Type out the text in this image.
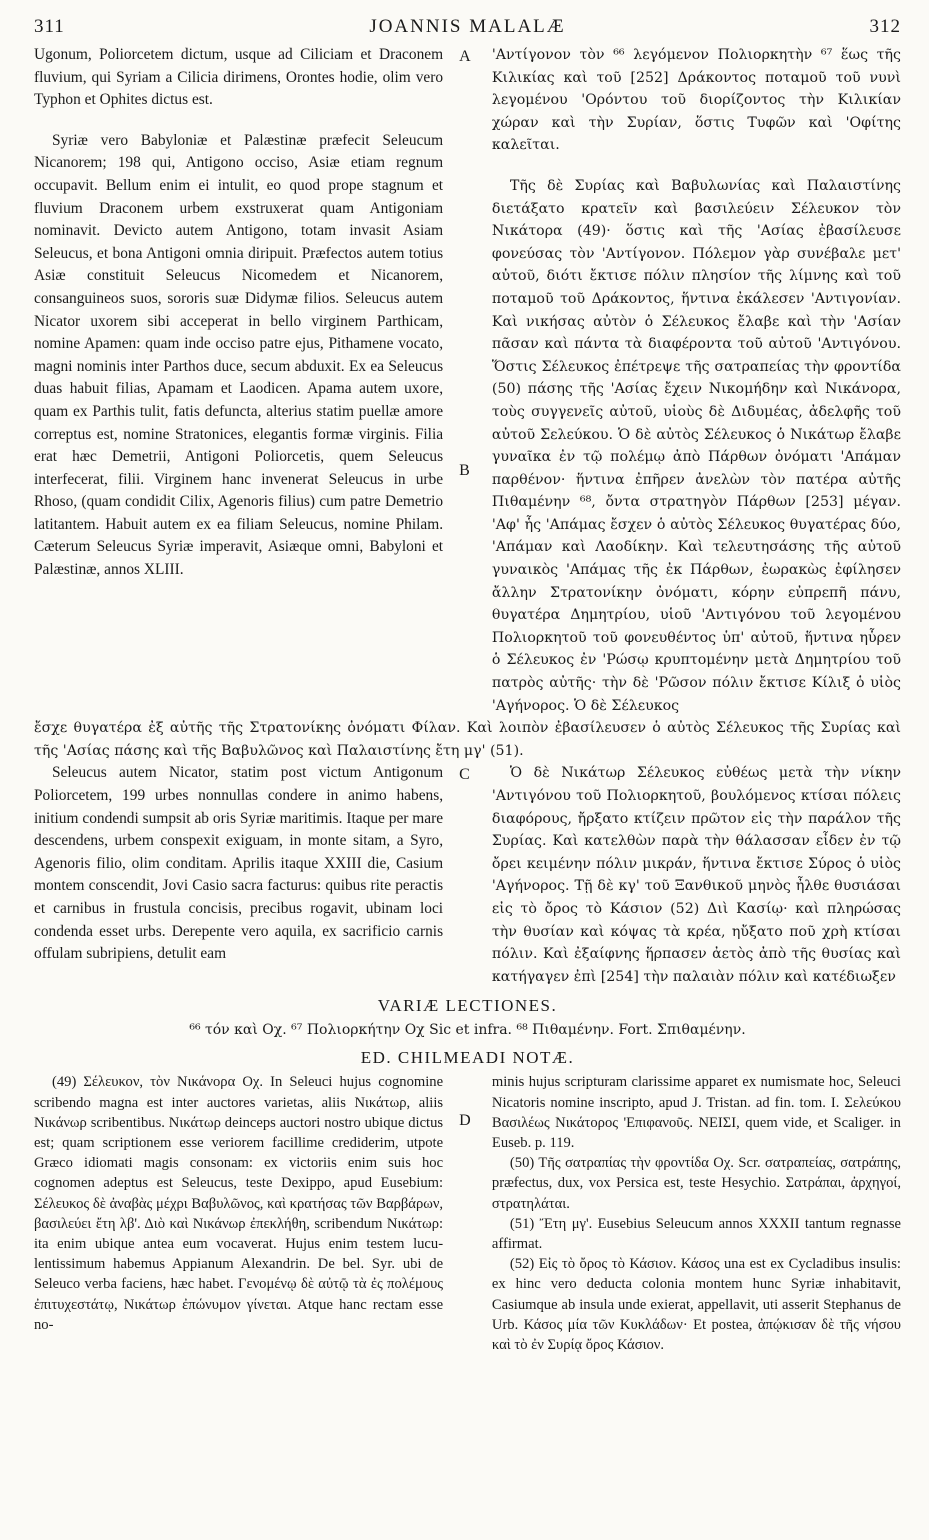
311	JOANNIS MALALÆ	312

Ugonum, Poliorcetem dictum, usque ad Ciliciam et Draconem fluvium, qui Syriam a Cilicia dirimens, Orontes hodie, olim vero Typhon et Ophites dictus est.

Syriæ vero Babyloniæ et Palæstinæ præfecit Seleucum Nicanorem; 198 qui, Antigono occiso, Asiæ etiam regnum occupavit. Bellum enim ei intulit, eo quod prope stagnum et fluvium Draconem urbem exstruxerat quam Antigoniam nominavit. Devicto autem Antigono, totam invasit Asiam Seleucus, et bona Antigoni omnia diripuit. Præfectos autem totius Asiæ constituit Seleucus Nicomedem et Nicanorem, consanguineos suos, sororis suæ Didymæ filios. Seleucus autem Nicator uxorem sibi acceperat in bello virginem Parthicam, nomine Apamen: quam inde occiso patre ejus, Pithamene vocato, magni nominis inter Parthos duce, secum abduxit. Ex ea Seleucus duas habuit filias, Apamam et Laodicen. Apama autem uxore, quam ex Parthis tulit, fatis defuncta, alterius statim puellæ amore correptus est, nomine Stratonices, elegantis formæ virginis. Filia erat hæc Demetrii, Antigoni Poliorcetis, quem Seleucus interfecerat, filii. Virginem hanc invenerat Seleucus in urbe Rhoso, (quam condidit Cilix, Agenoris filius) cum patre Demetrio latitantem. Habuit autem ex ea filiam Seleucus, nomine Philam. Cæterum Seleucus Syriæ imperavit, Asiæque omni, Babyloni et Palæstinæ, annos XLIII.

A
B

'Αντίγονον τὸν ⁶⁶ λεγόμενον Πολιορκητὴν ⁶⁷ ἕως τῆς Κιλικίας καὶ τοῦ [252] Δράκοντος ποταμοῦ τοῦ νυνὶ λεγομένου 'Ορόντου τοῦ διορίζοντος τὴν Κιλικίαν χώραν καὶ τὴν Συρίαν, ὅστις Τυφῶν καὶ 'Οφίτης καλεῖται.

Τῆς δὲ Συρίας καὶ Βαβυλωνίας καὶ Παλαιστίνης διετάξατο κρατεῖν καὶ βασιλεύειν Σέλευκον τὸν Νικάτορα (49)· ὅστις καὶ τῆς 'Ασίας ἐβασίλευσε φονεύσας τὸν 'Αντίγονον. Πόλεμον γὰρ συνέβαλε μετ' αὐτοῦ, διότι ἔκτισε πόλιν πλησίον τῆς λίμνης καὶ τοῦ ποταμοῦ τοῦ Δράκοντος, ἥντινα ἐκάλεσεν 'Αντιγονίαν. Καὶ νικήσας αὐτὸν ὁ Σέλευκος ἔλαβε καὶ τὴν 'Ασίαν πᾶσαν καὶ πάντα τὰ διαφέροντα τοῦ αὐτοῦ 'Αντιγόνου. Ὅστις Σέλευκος ἐπέτρεψε τῆς σατραπείας τὴν φροντίδα (50) πάσης τῆς 'Ασίας ἔχειν Νικομήδην καὶ Νικάνορα, τοὺς συγγενεῖς αὐτοῦ, υἱοὺς δὲ Διδυμέας, ἀδελφῆς τοῦ αὐτοῦ Σελεύκου. Ὁ δὲ αὐτὸς Σέλευκος ὁ Νικάτωρ ἔλαβε γυναῖκα ἐν τῷ πολέμῳ ἀπὸ Πάρθων ὀνόματι 'Απάμαν παρθένον· ἥντινα ἐπῆρεν ἀνελὼν τὸν πατέρα αὐτῆς Πιθαμένην ⁶⁸, ὄντα στρατηγὸν Πάρθων [253] μέγαν. 'Αφ' ἧς 'Απάμας ἔσχεν ὁ αὐτὸς Σέλευκος θυγατέρας δύο, 'Απάμαν καὶ Λαοδίκην. Καὶ τελευτησάσης τῆς αὐτοῦ γυναικὸς 'Απάμας τῆς ἐκ Πάρθων, ἐωρακὼς ἐφίλησεν ἄλλην Στρατονίκην ὀνόματι, κόρην εὐπρεπῆ πάνυ, θυγατέρα Δημητρίου, υἱοῦ 'Αντιγόνου τοῦ λεγομένου Πολιορκητοῦ τοῦ φονευθέντος ὑπ' αὐτοῦ, ἥντινα ηὗρεν ὁ Σέλευκος ἐν 'Ρώσῳ κρυπτομένην μετὰ Δημητρίου τοῦ πατρὸς αὐτῆς· τὴν δὲ 'Ρῶσον πόλιν ἔκτισε Κίλιξ ὁ υἱὸς 'Αγήνορος. Ὁ δὲ Σέλευκος

ἔσχε θυγατέρα ἐξ αὐτῆς τῆς Στρατονίκης ὀνόματι Φίλαν. Καὶ λοιπὸν ἐβασίλευσεν ὁ αὐτὸς Σέλευκος τῆς Συρίας καὶ τῆς 'Ασίας πάσης καὶ τῆς Βαβυλῶνος καὶ Παλαιστίνης ἔτη μγ' (51).

Seleucus autem Nicator, statim post victum Antigonum Poliorcetem, 199 urbes nonnullas condere in animo habens, initium condendi sumpsit ab oris Syriæ maritimis. Itaque per mare descendens, urbem conspexit exiguam, in monte sitam, a Syro, Agenoris filio, olim conditam. Aprilis itaque XXIII die, Casium montem conscendit, Jovi Casio sacra facturus: quibus rite peractis et carnibus in frustula concisis, precibus rogavit, ubinam loci condenda esset urbs. Derepente vero aquila, ex sacrificio carnis offulam subripiens, detulit eam

C	Ὁ δὲ Νικάτωρ Σέλευκος εὐθέως μετὰ τὴν νίκην 'Αντιγόνου τοῦ Πολιορκητοῦ, βουλόμενος κτίσαι πόλεις διαφόρους, ἤρξατο κτίζειν πρῶτον εἰς τὴν παράλον τῆς Συρίας. Καὶ κατελθὼν παρὰ τὴν θάλασσαν εἶδεν ἐν τῷ ὄρει κειμένην πόλιν μικράν, ἥντινα ἔκτισε Σύρος ὁ υἱὸς 'Αγήνορος. Τῇ δὲ κγ' τοῦ Ξανθικοῦ μηνὸς ἦλθε θυσιάσαι εἰς τὸ ὄρος τὸ Κάσιον (52) Διὶ Κασίῳ· καὶ πληρώσας τὴν θυσίαν καὶ κόψας τὰ κρέα, ηὔξατο ποῦ χρὴ κτίσαι πόλιν. Καὶ ἐξαίφνης ἥρπασεν ἀετὸς ἀπὸ τῆς θυσίας καὶ κατήγαγεν ἐπὶ [254] τὴν παλαιὰν πόλιν καὶ κατέδιωξεν

VARIÆ LECTIONES.

⁶⁶ τόν καὶ Οχ. ⁶⁷ Πολιορκήτην Οχ Sic et infra. ⁶⁸ Πιθαμένην. Fort. Σπιθαμένην.

ED. CHILMEADI NOTÆ.

(49) Σέλευκον, τὸν Νικάνορα Οχ. In Seleuci hujus cognomine scribendo magna est inter auctores varietas, aliis Νικάτωρ, aliis Νικάνωρ scribentibus. Νικάτωρ deinceps auctori nostro ubique dictus est; quam scriptionem esse veriorem facillime crediderim, utpote Græco idiomati magis consonam: ex victoriis enim suis hoc cognomen adeptus est Seleucus, teste Dexippo, apud Eusebium: Σέλευκος δὲ ἀναβὰς μέχρι Βαβυλῶνος, καὶ κρατήσας τῶν Βαρβάρων, βασιλεύει ἔτη λβ'. Διὸ καὶ Νικάνωρ ἐπεκλήθη, scribendum Νικάτωρ: ita enim ubique antea eum vocaverat. Hujus enim testem luculentissimum habemus Appianum Alexandrin. De bel. Syr. ubi de Seleuco verba faciens, hæc habet. Γενομένῳ δὲ αὐτῷ τὰ ἐς πολέμους ἐπιτυχεστάτῳ, Νικάτωρ ἐπώνυμον γίνεται. Atque hanc rectam esse no-

D

minis hujus scripturam clarissime apparet ex numismate hoc, Seleuci Nicatoris nomine inscripto, apud J. Tristan. ad fin. tom. I. Σελεύκου Βασιλέως Νικάτορος 'Επιφανοῦς. ΝΕΙΣΙ, quem vide, et Scaliger. in Euseb. p. 119.

(50) Τῆς σατραπίας τὴν φροντίδα Οχ. Scr. σατραπείας, σατράπης, præfectus, dux, vox Persica est, teste Hesychio. Σατράπαι, ἀρχηγοί, στρατηλάται.

(51) Ἔτη μγ'. Eusebius Seleucum annos XXXII tantum regnasse affirmat.

(52) Εἰς τὸ ὄρος τὸ Κάσιον. Κάσος una est ex Cycladibus insulis: ex hinc vero deducta colonia montem hunc Syriæ inhabitavit, Casiumque ab insula unde exierat, appellavit, uti asserit Stephanus de Urb. Κάσος μία τῶν Κυκλάδων· Et postea, ἀπῴκισαν δὲ τῆς νήσου καὶ τὸ ἐν Συρίᾳ ὄρος Κάσιον.
